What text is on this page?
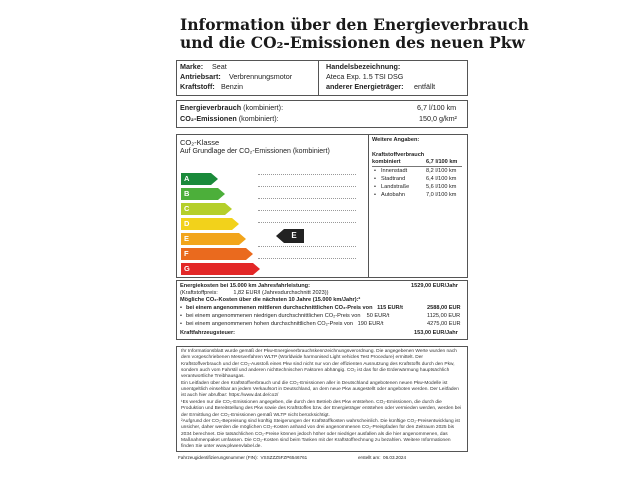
Information über den Energieverbrauch
und die CO₂-Emissionen des neuen Pkw
Marke: Seat
Antriebsart: Verbrennungsmotor
Kraftstoff: Benzin
Handelsbezeichnung:
Ateca Exp. 1.5 TSI DSG
anderer Energieträger: entfällt
Energieverbrauch (kombiniert):	6,7 l/100 km
CO₂-Emissionen (kombiniert):	150,0 g/km²
CO₂-Klasse
Auf Grundlage der CO₂-Emissionen (kombiniert)
A
B
C
D
E
F
G
E
Weitere Angaben:
Kraftstoffverbrauch
kombiniert	6,7 l/100 km
• Innenstadt	8,2 l/100 km
• Stadtrand	6,4 l/100 km
• Landstraße	5,6 l/100 km
• Autobahn	7,0 l/100 km
Energiekosten bei 15.000 km Jahresfahrleistung:	1529,00 EUR/Jahr
(Kraftstoffpreis:          1,82 EUR/l (Jahresdurchschnitt 2023))
Mögliche CO₂-Kosten über die nächsten 10 Jahre (15.000 km/Jahr):²
• bei einem angenommenen mittleren durchschnittlichen CO₂-Preis von   115 EUR/t	2588,00 EUR
• bei einem angenommenen niedrigen durchschnittlichen CO₂-Preis von    50 EUR/t	1125,00 EUR
• bei einem angenommenen hohen durchschnittlichen CO₂-Preis von   190 EUR/t	4275,00 EUR
Kraftfahrzeugsteuer:	153,00 EUR/Jahr

Ihr Informationsblatt wurde gemäß der Pkw-Energieverbrauchskennzeichnungsverordnung. Die angegebenen Werte wurden nach dem vorgeschriebenen Messverfahren WLTP (Worldwide harmonised Light vehicles Test Procedure) ermittelt. Der Kraftstoffverbrauch und der CO₂-Ausstoß eines Pkw sind nicht nur von der effizienten Ausnutzung des Kraftstoffs durch den Pkw, sondern auch vom Fahrstil und anderen nichttechnischen Faktoren abhängig. CO₂ ist das für die Erderwärmung hauptsächlich verantwortliche Treibhausgas.

Ein Leitfaden über den Kraftstoffverbrauch und die CO₂-Emissionen aller in Deutschland angebotenen neuen Pkw-Modelle ist unentgeltlich einsehbar an jedem Verkaufsort in Deutschland, an dem neue Pkw ausgestellt oder angeboten werden. Der Leitfaden ist auch hier abrufbar: https://www.dat.de/co2/

¹Es werden nur die CO₂-Emissionen angegeben, die durch den Betrieb des Pkw entstehen. CO₂-Emissionen, die durch die Produktion und Bereitstellung des Pkw sowie des Kraftstoffes bzw. der Energieträger entstehen oder vermieden werden, werden bei der Ermittlung der CO₂-Emissionen gemäß WLTP nicht berücksichtigt.

²Aufgrund der CO₂-Bepreisung sind künftig Steigerungen der Kraftstoffkosten wahrscheinlich. Die künftige CO₂-Preisentwicklung ist unsicher, daher werden die möglichen CO₂-Kosten anhand von drei angenommenen CO₂-Preispfaden für den Zeitraum 2025 bis 2034 berechnet. Die tatsächlichen CO₂-Preise können jedoch höher oder niedriger ausfallen als die hier angenommenen, das Maßnahmenpaket umfassen. Die CO₂-Kosten sind beim Tanken mit der Kraftstoffrechnung zu bezahlen. Weitere Informationen finden Sie unter www.pkwenvlabel.de.

Fahrzeugidentifizierungsnummer (FIN):  VSSZZZ5FZP6546761	erstellt am:  06.03.2024
